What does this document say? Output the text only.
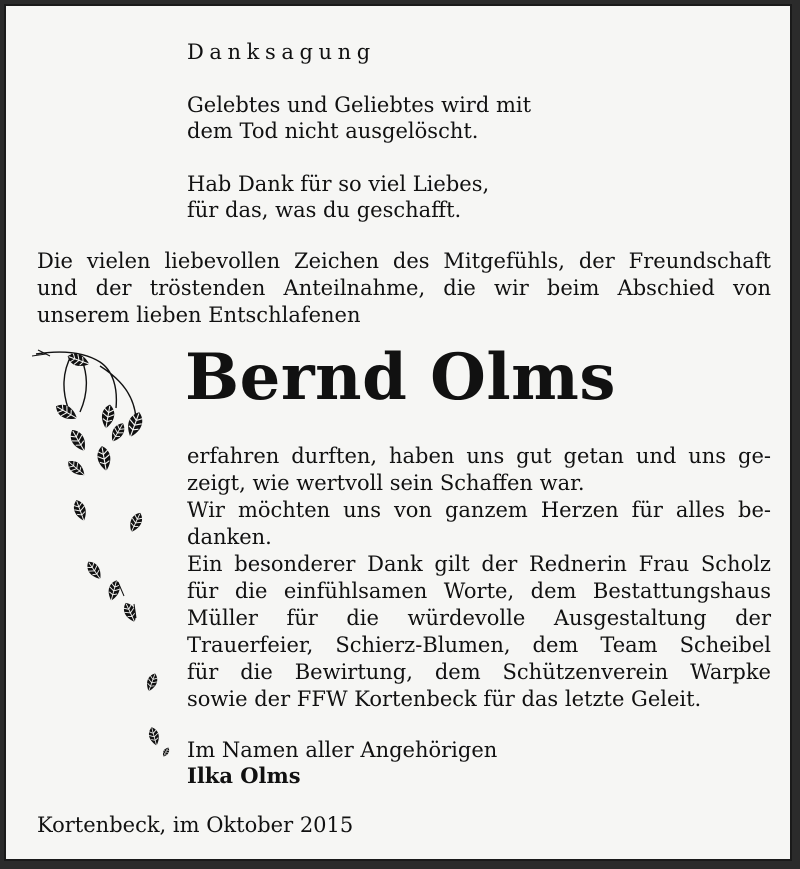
Danksagung
Gelebtes und Geliebtes wird mit
dem Tod nicht ausgelöscht.
Hab Dank für so viel Liebes,
für das, was du geschafft.
Die vielen liebevollen Zeichen des Mitgefühls, der Freundschaft
und der tröstenden Anteilnahme, die wir beim Abschied von
unserem lieben Entschlafenen
Bernd Olms
erfahren durften, haben uns gut getan und uns ge-
zeigt, wie wertvoll sein Schaffen war.
Wir möchten uns von ganzem Herzen für alles be-
danken.
Ein besonderer Dank gilt der Rednerin Frau Scholz
für die einfühlsamen Worte, dem Bestattungshaus
Müller für die würdevolle Ausgestaltung der
Trauerfeier, Schierz-Blumen, dem Team Scheibel
für die Bewirtung, dem Schützenverein Warpke
sowie der FFW Kortenbeck für das letzte Geleit.
Im Namen aller Angehörigen
Ilka Olms
Kortenbeck, im Oktober 2015
